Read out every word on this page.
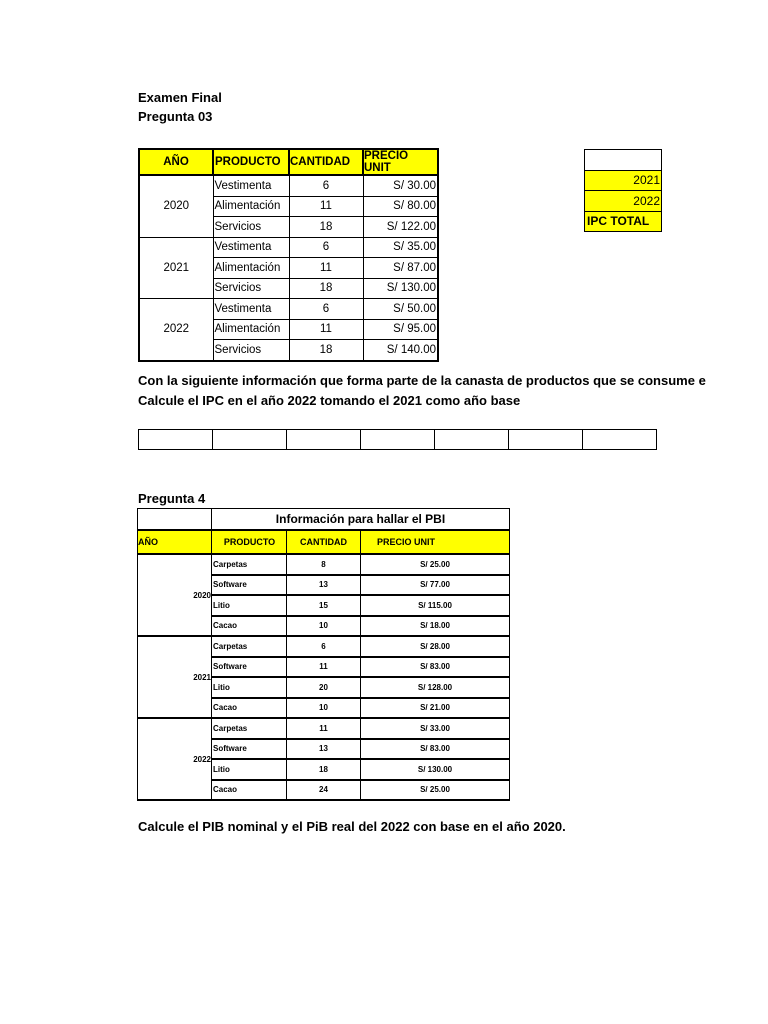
Examen Final
Pregunta 03
AÑO	PRODUCTO	CANTIDAD	PRECIO UNIT
2020	Vestimenta	6	S/ 30.00
	Alimentación	11	S/ 80.00
	Servicios	18	S/ 122.00
2021	Vestimenta	6	S/ 35.00
	Alimentación	11	S/ 87.00
	Servicios	18	S/ 130.00
2022	Vestimenta	6	S/ 50.00
	Alimentación	11	S/ 95.00
	Servicios	18	S/ 140.00

2021
2022
IPC TOTAL
Con la siguiente información que forma parte de la canasta de productos que se consume e
Calcule el IPC en el año 2022 tomando el 2021 como año base

Pregunta 4
	Información para hallar el PBI		
AÑO	PRODUCTO	CANTIDAD	PRECIO UNIT
2020	Carpetas	8	S/ 25.00
	Software	13	S/ 77.00
	Litio	15	S/ 115.00
	Cacao	10	S/ 18.00
2021	Carpetas	6	S/ 28.00
	Software	11	S/ 83.00
	Litio	20	S/ 128.00
	Cacao	10	S/ 21.00
2022	Carpetas	11	S/ 33.00
	Software	13	S/ 83.00
	Litio	18	S/ 130.00
	Cacao	24	S/ 25.00
Calcule el PIB nominal y el PiB real del 2022 con base en el año 2020.
